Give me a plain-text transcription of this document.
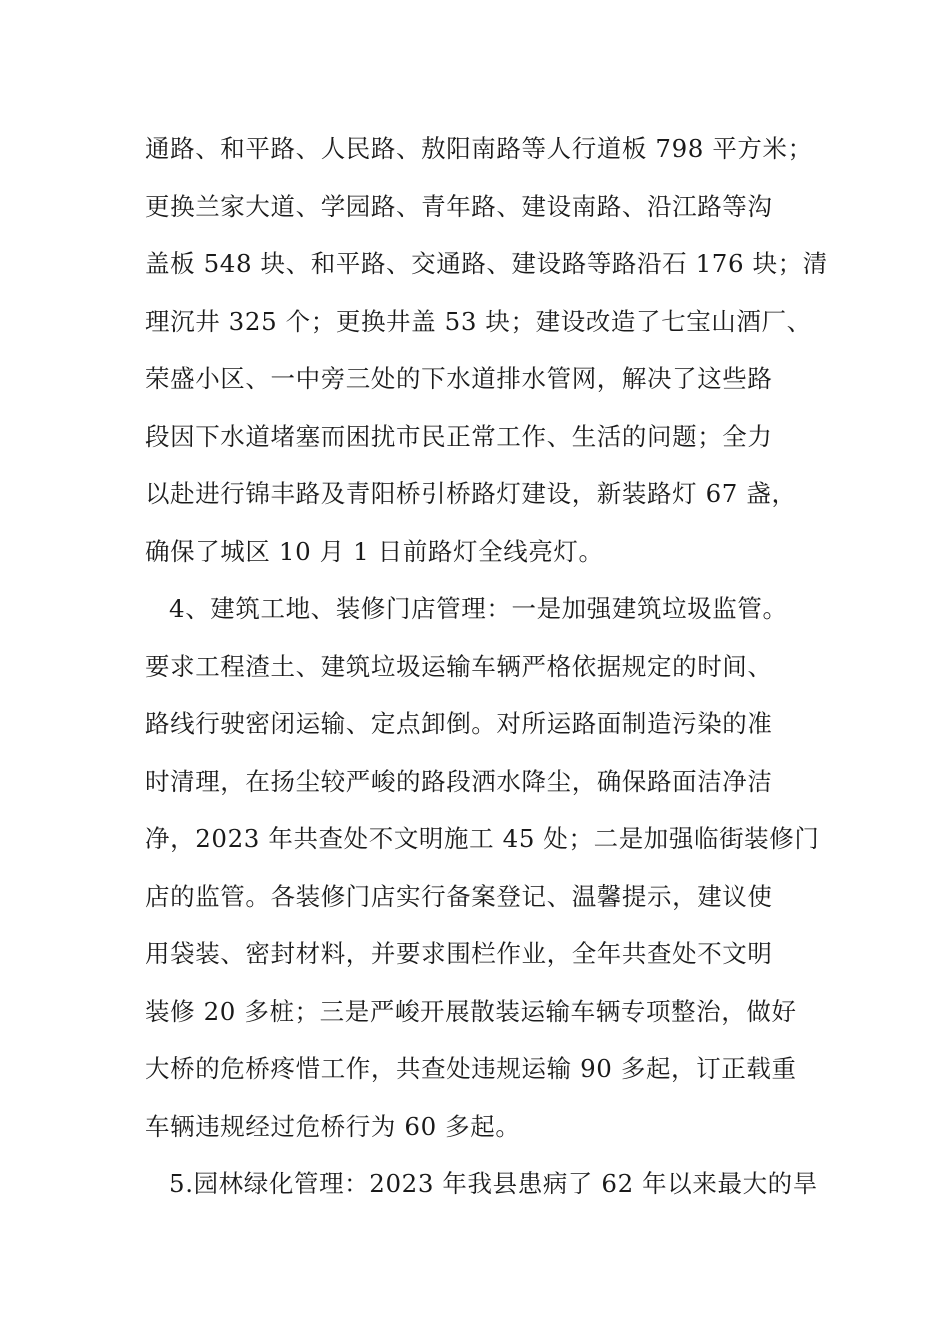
通路、和平路、人民路、敖阳南路等人行道板 798 平方米；
更换兰家大道、学园路、青年路、建设南路、沿江路等沟
盖板 548 块、和平路、交通路、建设路等路沿石 176 块；清
理沉井 325 个；更换井盖 53 块；建设改造了七宝山酒厂、
荣盛小区、一中旁三处的下水道排水管网，解决了这些路
段因下水道堵塞而困扰市民正常工作、生活的问题；全力
以赴进行锦丰路及青阳桥引桥路灯建设，新装路灯 67 盏，
确保了城区 10 月 1 日前路灯全线亮灯。
4、建筑工地、装修门店管理：一是加强建筑垃圾监管。
要求工程渣土、建筑垃圾运输车辆严格依据规定的时间、
路线行驶密闭运输、定点卸倒。对所运路面制造污染的准
时清理，在扬尘较严峻的路段洒水降尘，确保路面洁净洁
净，2023 年共查处不文明施工 45 处；二是加强临街装修门
店的监管。各装修门店实行备案登记、温馨提示，建议使
用袋装、密封材料，并要求围栏作业，全年共查处不文明
装修 20 多桩；三是严峻开展散装运输车辆专项整治，做好
大桥的危桥疼惜工作，共查处违规运输 90 多起，订正载重
车辆违规经过危桥行为 60 多起。
5.园林绿化管理：2023 年我县患病了 62 年以来最大的旱
